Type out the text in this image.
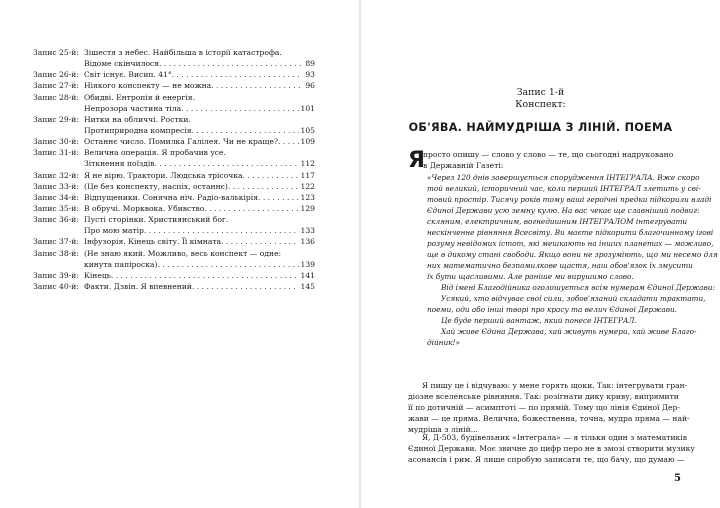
Запис 25-й: Зішестя з небес. Найбільша в історії катастрофа.
Відоме скінчилося . . .	89
Запис 26-й: Світ існує. Висип. 41° . . .	93
Запис 27-й: Ніякого конспекту — не можна . . .	96
Запис 28-й: Обидві. Ентропія й енергія.
Непрозора частина тіла . . .	101
Запис 29-й: Нитки на обличчі. Ростки.
Протиприродна компресія . . .	105
Запис 30-й: Останнє число. Помилка Галілея. Чи не краще? . . .	109
Запис 31-й: Велична операція. Я пробачив усе.
Зіткнення поїздів . . .	112
Запис 32-й: Я не вірю. Трактори. Людська трісочка . . .	117
Запис 33-й: (Це без конспекту, наспіх, останнє) . . .	122
Запис 34-й: Відпущеники. Сонячна ніч. Радіо-валькірія . . .	123
Запис 35-й: В обручі. Морквока. Убивство . . .	129
Запис 36-й: Пусті сторінки. Християнський бог.
Про мою матір . . .	133
Запис 37-й: Інфузорія. Кінець світу. Її кімната . . .	136
Запис 38-й: (Не знаю який. Можливо, весь конспект — одне:
кинута папіроска) . . .	139
Запис 39-й: Кінець . . .	141
Запис 40-й: Факти. Дзвін. Я впевнений . . .	145
Запис 1-й
Конспект:
ОБ'ЯВА. НАЙМУДРІША З ЛІНІЙ. ПОЕМА
Я
просто опишу — слово у слово — те, що сьогодні надруковано
в Державній Газеті:
«Через 120 днів завершується спорудження ІНТЕГРАЛА. Вже скоро
той великий, історичний час, коли перший ІНТЕГРАЛ злетить у сві-
товий простір. Тисячу років тому ваші героїчні предки підкорили владі
Єдиної Держави усю земну кулю. На вас чекає ще славніший подвиг:
скляним, електричним, вогнедишним ІНТЕГРАЛОМ інтегрувати
нескінченне рівняння Всесвіту. Ви маєте підкорити благочинному ігові
розуму невідомих істот, які мешкають на інших планетах — можливо,
ще в дикому стані свободи. Якщо вони не зрозуміють, що ми несемо для
них математично безпомилкове щастя, наш обов'язок їх змусити
їх бути щасливими. Але раніше ми вирушимо слово.
Від імені Благодійника оголошується всім нумерам Єдиної Держави:
Усякий, хто відчуває свої сили, зобов'язаний складати трактати,
поеми, оди або інші творі про красу та велич Єдиної Держави.
Це буде перший вантаж, який понесе ІНТЕГРАЛ.
Хай живе Єдина Держава, хай живуть нумери, хай живе Благо-
дійник!»
Я пишу це і відчуваю: у мене горять щоки. Так: інтегрувати гран-
діозне вселенське рівняння. Так: розігнати дику криву, випрямити
її по дотичній — асимптоті — по прямій. Тому що лінія Єдиної Дер-
жави — це пряма. Велична, божественна, точна, мудра пряма — най-
мудріша з ліній...
Я, Д-503, будівельник «Інтеграла» — я тільки один з математиків
Єдиної Держави. Моє звичне до цифр перо не в змозі створити музику
асонансів і рим. Я лише спробую записати те, що бачу, що думаю —
5
